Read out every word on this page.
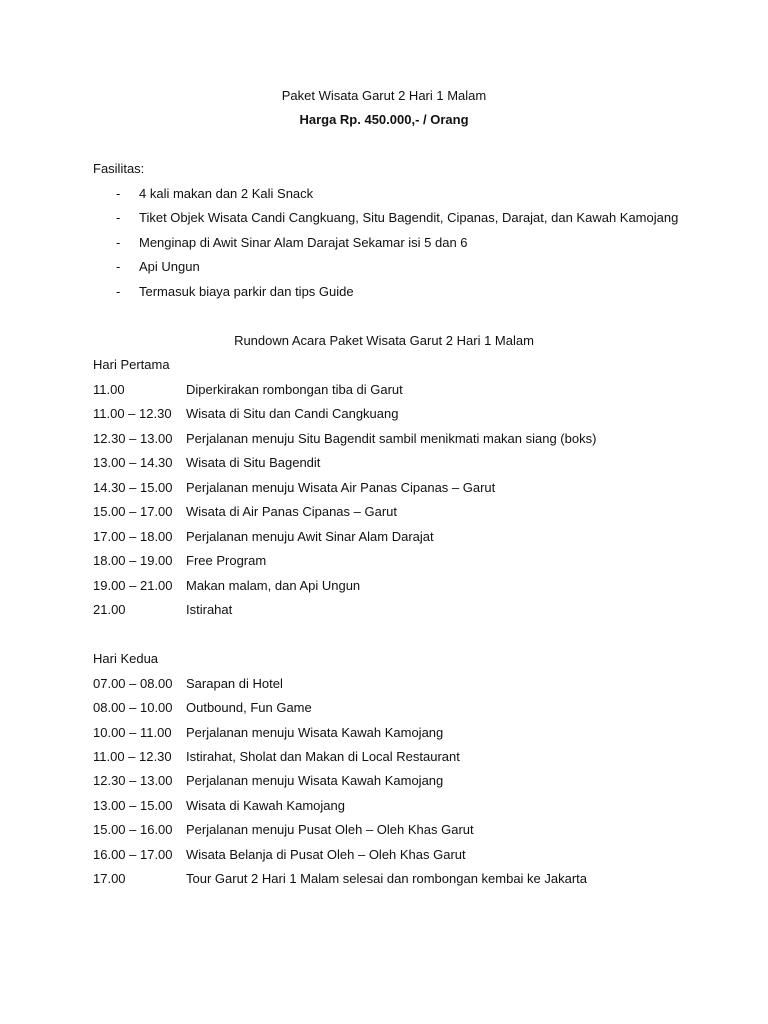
Paket Wisata Garut 2 Hari 1 Malam
Harga Rp. 450.000,- / Orang
Fasilitas:
- 4 kali makan dan 2 Kali Snack
- Tiket Objek Wisata Candi Cangkuang, Situ Bagendit, Cipanas, Darajat, dan Kawah Kamojang
- Menginap di Awit Sinar Alam Darajat Sekamar isi 5 dan 6
- Api Ungun
- Termasuk biaya parkir dan tips Guide
Rundown Acara Paket Wisata Garut 2 Hari 1 Malam
Hari Pertama
11.00	Diperkirakan rombongan tiba di Garut
11.00 – 12.30 Wisata di Situ dan Candi Cangkuang
12.30 – 13.00 Perjalanan menuju Situ Bagendit sambil menikmati makan siang (boks)
13.00 – 14.30 Wisata di Situ Bagendit
14.30 – 15.00 Perjalanan menuju Wisata Air Panas Cipanas – Garut
15.00 – 17.00 Wisata di Air Panas Cipanas – Garut
17.00 – 18.00 Perjalanan menuju Awit Sinar Alam Darajat
18.00 – 19.00 Free Program
19.00 – 21.00 Makan malam, dan Api Ungun
21.00	Istirahat
Hari Kedua
07.00 – 08.00 Sarapan di Hotel
08.00 – 10.00 Outbound, Fun Game
10.00 – 11.00 Perjalanan menuju Wisata Kawah Kamojang
11.00 – 12.30 Istirahat, Sholat dan Makan di Local Restaurant
12.30 – 13.00 Perjalanan menuju Wisata Kawah Kamojang
13.00 – 15.00 Wisata di Kawah Kamojang
15.00 – 16.00 Perjalanan menuju Pusat Oleh – Oleh Khas Garut
16.00 – 17.00 Wisata Belanja di Pusat Oleh – Oleh Khas Garut
17.00	Tour Garut 2 Hari 1 Malam selesai dan rombongan kembai ke Jakarta
